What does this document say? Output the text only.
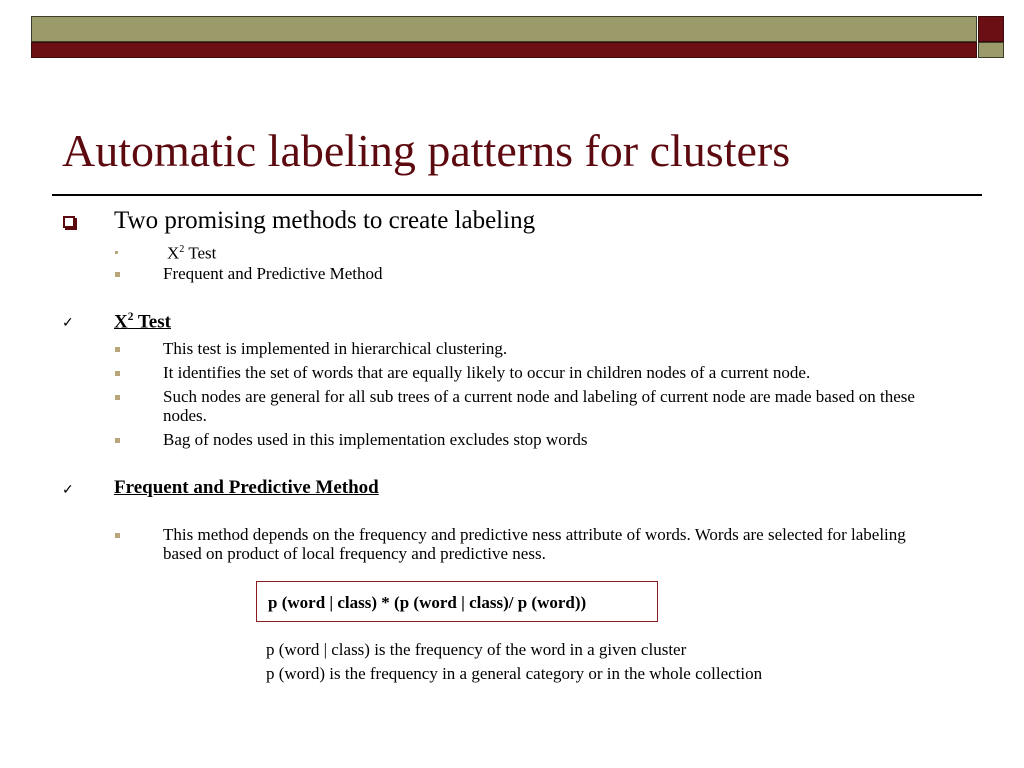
Automatic labeling patterns for clusters
Two promising methods to create labeling
$X^2$ Test
Frequent and Predictive Method
✓ $X^2$ Test
This test is implemented in hierarchical clustering.
It identifies the set of words that are equally likely to occur in children nodes of a current node.
Such nodes are general for all sub trees of a current node and labeling of current node are made based on these nodes.
Bag of nodes used in this implementation excludes stop words
✓ Frequent and Predictive Method
This method depends on the frequency and predictive ness attribute of words. Words are selected for labeling based on product of local frequency and predictive ness.
p (word | class) * (p (word | class)/ p (word))
p (word | class) is the frequency of the word in a given cluster
p (word) is the frequency in a general category or in the whole collection
